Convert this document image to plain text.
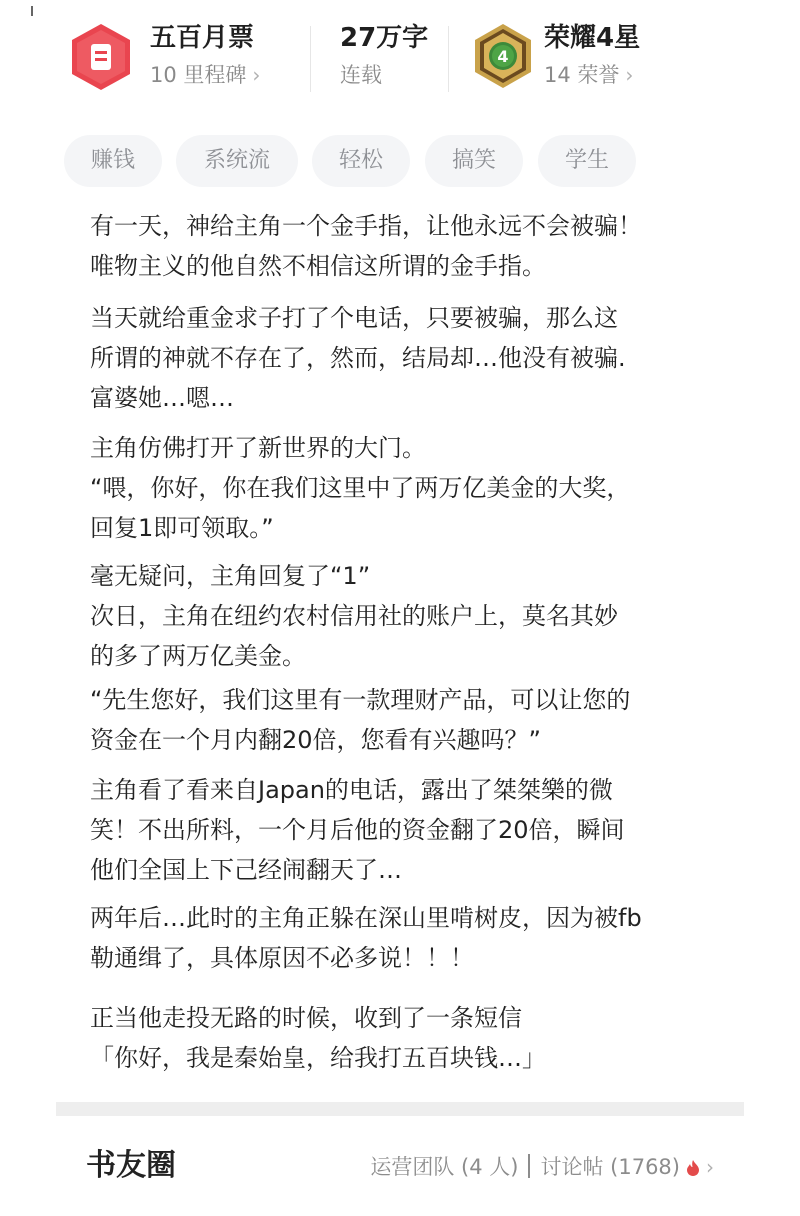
五百月票
10 里程碑 ›
27万字
连载
4
荣耀4星
14 荣誉 ›
赚钱	系统流	轻松	搞笑	学生

有一天，神给主角一个金手指，让他永远不会被骗！
唯物主义的他自然不相信这所谓的金手指。

当天就给重金求子打了个电话，只要被骗，那么这
所谓的神就不存在了，然而，结局却…他没有被骗.
富婆她…嗯…

主角仿佛打开了新世界的大门。
“喂，你好，你在我们这里中了两万亿美金的大奖，
回复1即可领取。”

毫无疑问，主角回复了“1”
次日，主角在纽约农村信用社的账户上，莫名其妙
的多了两万亿美金。

“先生您好，我们这里有一款理财产品，可以让您的
资金在一个月内翻20倍，您看有兴趣吗？”

主角看了看来自Japan的电话，露出了桀桀樂的微
笑！不出所料，一个月后他的资金翻了20倍，瞬间
他们全国上下己经闹翻天了…

两年后…此时的主角正躲在深山里啃树皮，因为被fb
勒通缉了，具体原因不必多说！！！

正当他走投无路的时候，收到了一条短信
「你好，我是秦始皇，给我打五百块钱…」

书友圈	运营团队 (4 人) 讨论帖 (1768) ›
